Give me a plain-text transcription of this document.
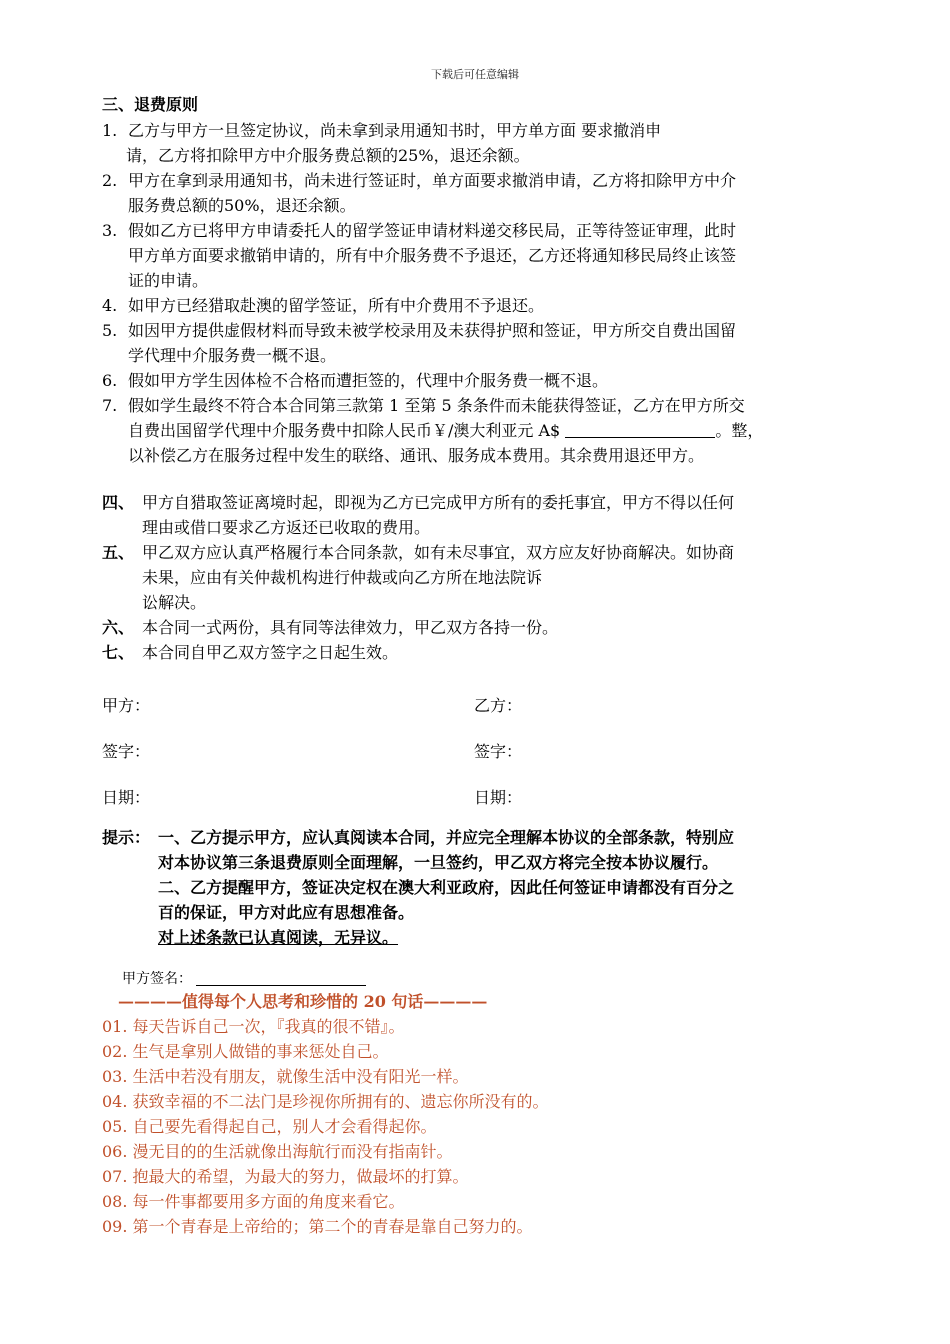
下载后可任意编辑
三、退费原则
1. 乙方与甲方一旦签定协议，尚未拿到录用通知书时，甲方单方面 要求撤消申
请，乙方将扣除甲方中介服务费总额的25%，退还余额。
2. 甲方在拿到录用通知书，尚未进行签证时，单方面要求撤消申请，乙方将扣除甲方中介
服务费总额的50%，退还余额。
3. 假如乙方已将甲方申请委托人的留学签证申请材料递交移民局，正等待签证审理，此时
甲方单方面要求撤销申请的，所有中介服务费不予退还，乙方还将通知移民局终止该签
证的申请。
4. 如甲方已经猎取赴澳的留学签证，所有中介费用不予退还。
5. 如因甲方提供虚假材料而导致未被学校录用及未获得护照和签证，甲方所交自费出国留
学代理中介服务费一概不退。
6. 假如甲方学生因体检不合格而遭拒签的，代理中介服务费一概不退。
7. 假如学生最终不符合本合同第三款第 1 至第 5 条条件而未能获得签证，乙方在甲方所交
自费出国留学代理中介服务费中扣除人民币￥/澳大利亚元 A$	。整，
以补偿乙方在服务过程中发生的联络、通讯、服务成本费用。其余费用退还甲方。
四、 甲方自猎取签证离境时起，即视为乙方已完成甲方所有的委托事宜，甲方不得以任何
理由或借口要求乙方返还已收取的费用。
五、 甲乙双方应认真严格履行本合同条款，如有未尽事宜，双方应友好协商解决。如协商
未果，应由有关仲裁机构进行仲裁或向乙方所在地法院诉
讼解决。
六、 本合同一式两份，具有同等法律效力，甲乙双方各持一份。
七、 本合同自甲乙双方签字之日起生效。
甲方：	乙方：
签字：	签字：
日期：	日期：
提示： 一、乙方提示甲方，应认真阅读本合同，并应完全理解本协议的全部条款，特别应
对本协议第三条退费原则全面理解，一旦签约，甲乙双方将完全按本协议履行。
二、乙方提醒甲方，签证决定权在澳大利亚政府，因此任何签证申请都没有百分之
百的保证，甲方对此应有思想准备。
对上述条款已认真阅读，无异议。
甲方签名：
————值得每个人思考和珍惜的 20 句话————
01. 每天告诉自己一次，『我真的很不错』。
02. 生气是拿别人做错的事来惩处自己。
03. 生活中若没有朋友，就像生活中没有阳光一样。
04. 获致幸福的不二法门是珍视你所拥有的、遗忘你所没有的。
05. 自己要先看得起自己，别人才会看得起你。
06. 漫无目的的生活就像出海航行而没有指南针。
07. 抱最大的希望，为最大的努力，做最坏的打算。
08. 每一件事都要用多方面的角度来看它。
09. 第一个青春是上帝给的；第二个的青春是靠自己努力的。
